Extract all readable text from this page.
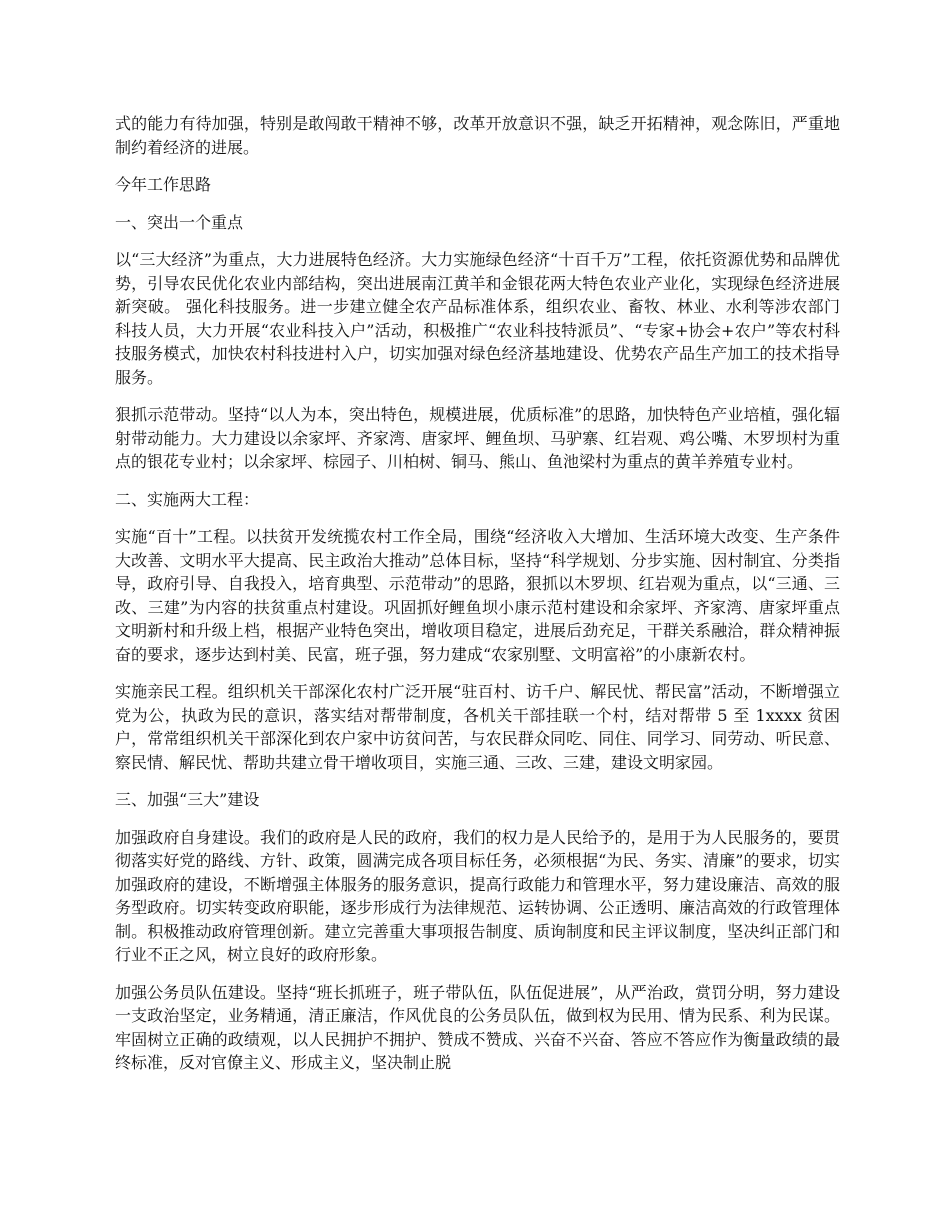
式的能力有待加强，特别是敢闯敢干精神不够，改革开放意识不强，缺乏开拓精神，观念陈旧，严重地制约着经济的进展。

今年工作思路

一、突出一个重点

以“三大经济”为重点，大力进展特色经济。大力实施绿色经济“十百千万”工程，依托资源优势和品牌优势，引导农民优化农业内部结构，突出进展南江黄羊和金银花两大特色农业产业化，实现绿色经济进展新突破。 强化科技服务。进一步建立健全农产品标准体系，组织农业、畜牧、林业、水利等涉农部门科技人员，大力开展“农业科技入户”活动，积极推广“农业科技特派员”、“专家+协会+农户”等农村科技服务模式，加快农村科技进村入户，切实加强对绿色经济基地建设、优势农产品生产加工的技术指导服务。

狠抓示范带动。坚持“以人为本，突出特色，规模进展，优质标准”的思路，加快特色产业培植，强化辐射带动能力。大力建设以余家坪、齐家湾、唐家坪、鲤鱼坝、马驴寨、红岩观、鸡公嘴、木罗坝村为重点的银花专业村；以余家坪、棕园子、川柏树、铜马、熊山、鱼池梁村为重点的黄羊养殖专业村。

二、实施两大工程：

实施“百十”工程。以扶贫开发统揽农村工作全局，围绕“经济收入大增加、生活环境大改变、生产条件大改善、文明水平大提高、民主政治大推动”总体目标，坚持“科学规划、分步实施、因村制宜、分类指导，政府引导、自我投入，培育典型、示范带动”的思路，狠抓以木罗坝、红岩观为重点，以“三通、三改、三建”为内容的扶贫重点村建设。巩固抓好鲤鱼坝小康示范村建设和余家坪、齐家湾、唐家坪重点文明新村和升级上档，根据产业特色突出，增收项目稳定，进展后劲充足，干群关系融洽，群众精神振奋的要求，逐步达到村美、民富，班子强，努力建成“农家别墅、文明富裕”的小康新农村。

实施亲民工程。组织机关干部深化农村广泛开展“驻百村、访千户、解民忧、帮民富”活动，不断增强立党为公，执政为民的意识，落实结对帮带制度，各机关干部挂联一个村，结对帮带 5 至 1xxxx 贫困户，常常组织机关干部深化到农户家中访贫问苦，与农民群众同吃、同住、同学习、同劳动、听民意、察民情、解民忧、帮助共建立骨干增收项目，实施三通、三改、三建，建设文明家园。

三、加强“三大”建设

加强政府自身建设。我们的政府是人民的政府，我们的权力是人民给予的，是用于为人民服务的，要贯彻落实好党的路线、方针、政策，圆满完成各项目标任务，必须根据“为民、务实、清廉”的要求，切实加强政府的建设，不断增强主体服务的服务意识，提高行政能力和管理水平，努力建设廉洁、高效的服务型政府。切实转变政府职能，逐步形成行为法律规范、运转协调、公正透明、廉洁高效的行政管理体制。积极推动政府管理创新。建立完善重大事项报告制度、质询制度和民主评议制度，坚决纠正部门和行业不正之风，树立良好的政府形象。

加强公务员队伍建设。坚持“班长抓班子，班子带队伍，队伍促进展”，从严治政，赏罚分明，努力建设一支政治坚定，业务精通，清正廉洁，作风优良的公务员队伍，做到权为民用、情为民系、利为民谋。牢固树立正确的政绩观，以人民拥护不拥护、赞成不赞成、兴奋不兴奋、答应不答应作为衡量政绩的最终标准，反对官僚主义、形成主义，坚决制止脱
